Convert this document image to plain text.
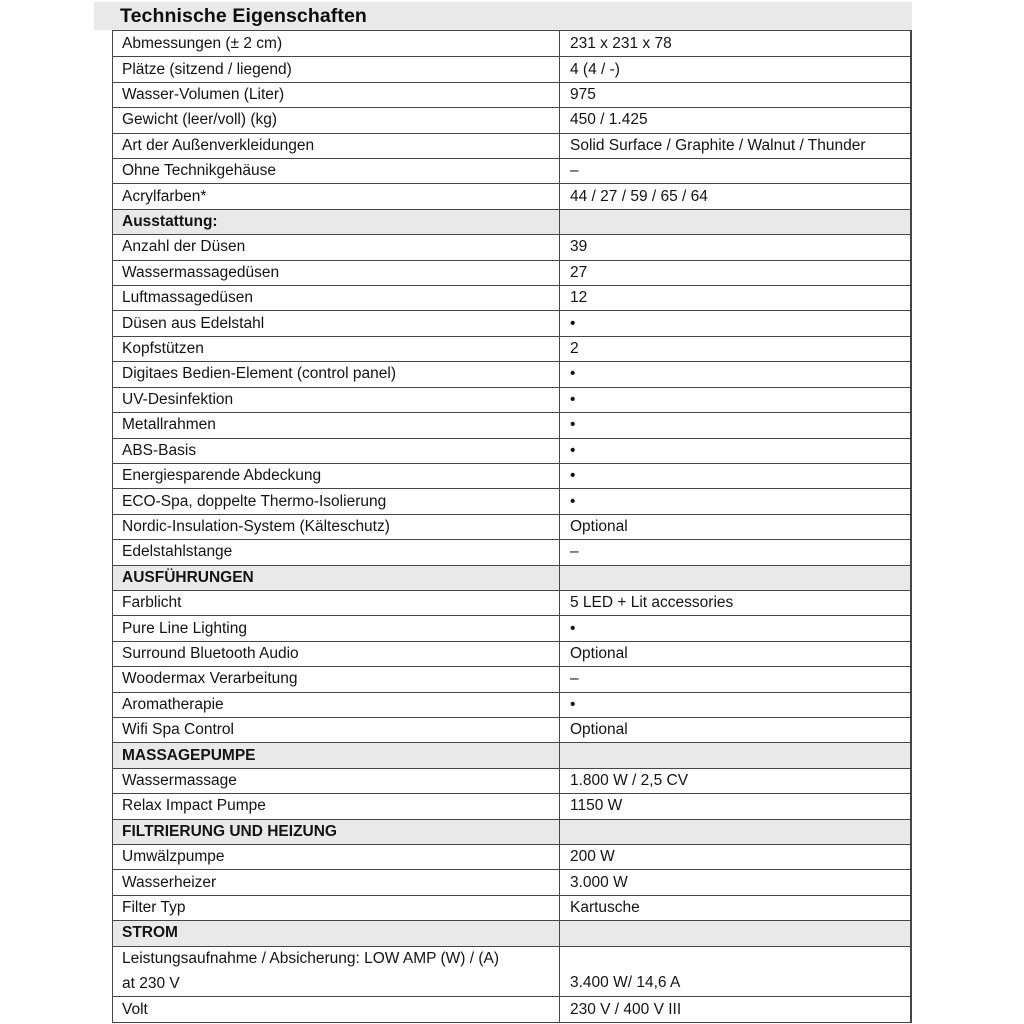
Technische Eigenschaften
Abmessungen (± 2 cm)	231 x 231 x 78
Plätze (sitzend / liegend)	4 (4 / -)
Wasser-Volumen (Liter)	975
Gewicht (leer/voll) (kg)	450 / 1.425
Art der Außenverkleidungen	Solid Surface / Graphite / Walnut / Thunder
Ohne Technikgehäuse	–
Acrylfarben*	44 / 27 / 59 / 65 / 64
Ausstattung:
Anzahl der Düsen	39
Wassermassagedüsen	27
Luftmassagedüsen	12
Düsen aus Edelstahl	•
Kopfstützen	2
Digitaes Bedien-Element (control panel)	•
UV-Desinfektion	•
Metallrahmen	•
ABS-Basis	•
Energiesparende Abdeckung	•
ECO-Spa, doppelte Thermo-Isolierung	•
Nordic-Insulation-System (Kälteschutz)	Optional
Edelstahlstange	–
AUSFÜHRUNGEN
Farblicht	5 LED + Lit accessories
Pure Line Lighting	•
Surround Bluetooth Audio	Optional
Woodermax Verarbeitung	–
Aromatherapie	•
Wifi Spa Control	Optional
MASSAGEPUMPE
Wassermassage	1.800 W / 2,5 CV
Relax Impact Pumpe	1150 W
FILTRIERUNG UND HEIZUNG
Umwälzpumpe	200 W
Wasserheizer	3.000 W
Filter Typ	Kartusche
STROM
Leistungsaufnahme / Absicherung: LOW AMP (W) / (A)
at 230 V	3.400 W/ 14,6 A
Volt	230 V / 400 V III
